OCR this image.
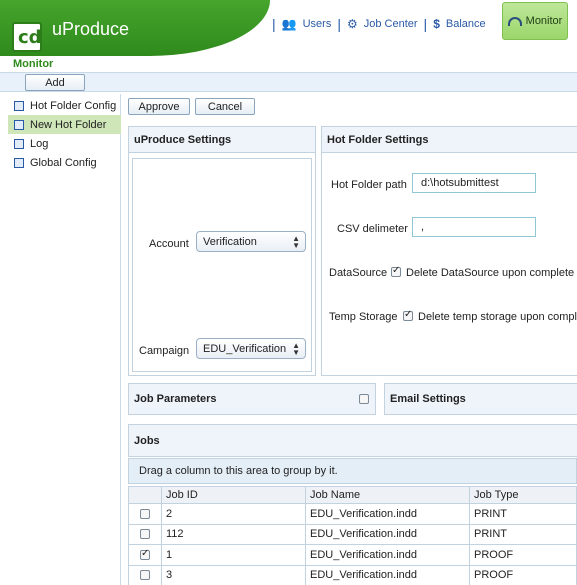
cd uProduce	| 👥 Users | ⚙ Job Center | $ Balance	Monitor
Monitor
Add
Hot Folder Config
New Hot Folder
Log
Global Config
Approve	Cancel
uProduce Settings
Account Verification	▲
▼
Campaign EDU_Verification ▲
▼
Hot Folder Settings
Hot Folder path	d:\hotsubmittest
CSV delimeter	,
DataSource ✓ Delete DataSource upon complete
Temp Storage ✓ Delete temp storage upon compl
Job Parameters	Email Settings
Jobs
Drag a column to this area to group by it.
	Job ID	Job Name	Job Type
	2	EDU_Verification.indd	PRINT
	112	EDU_Verification.indd	PRINT
✓	1	EDU_Verification.indd	PROOF
	3	EDU_Verification.indd	PROOF
